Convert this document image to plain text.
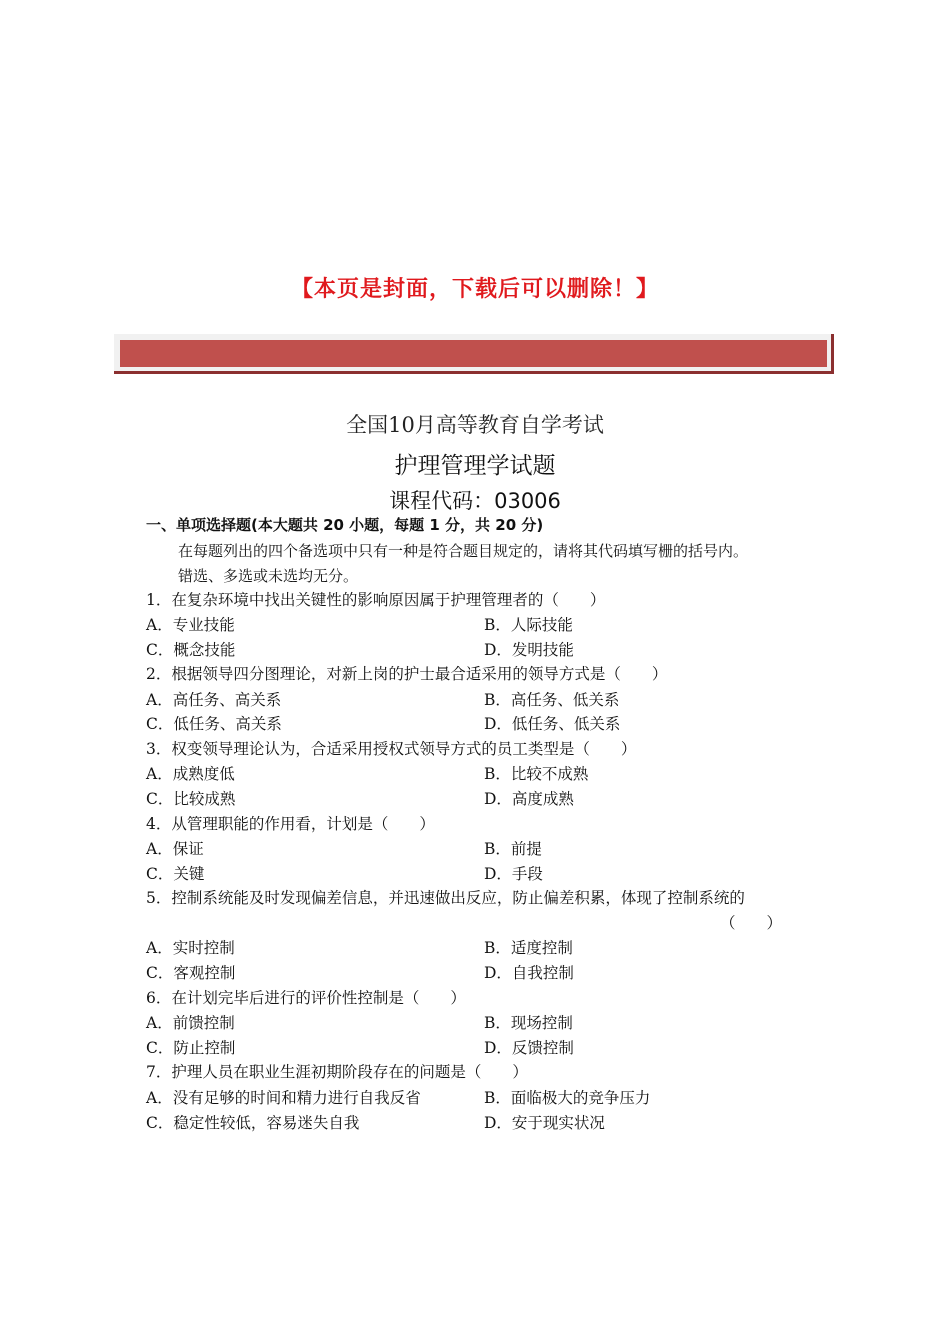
【本页是封面，下载后可以删除！】
全国10月高等教育自学考试
护理管理学试题
课程代码：03006
一、单项选择题(本大题共 20 小题，每题 1 分，共 20 分)
在每题列出的四个备选项中只有一种是符合题目规定的，请将其代码填写栅的括号内。
错选、多选或未选均无分。
1．在复杂环境中找出关键性的影响原因属于护理管理者的（　　）
A．专业技能	B．人际技能
C．概念技能	D．发明技能
2．根据领导四分图理论，对新上岗的护士最合适采用的领导方式是（　　）
A．高任务、高关系	B．高任务、低关系
C．低任务、高关系	D．低任务、低关系
3．权变领导理论认为，合适采用授权式领导方式的员工类型是（　　）
A．成熟度低	B．比较不成熟
C．比较成熟	D．高度成熟
4．从管理职能的作用看，计划是（　　）
A．保证	B．前提
C．关键	D．手段
5．控制系统能及时发现偏差信息，并迅速做出反应，防止偏差积累，体现了控制系统的
（　　）
A．实时控制	B．适度控制
C．客观控制	D．自我控制
6．在计划完毕后进行的评价性控制是（　　）
A．前馈控制	B．现场控制
C．防止控制	D．反馈控制
7．护理人员在职业生涯初期阶段存在的问题是（　　）
A．没有足够的时间和精力进行自我反省	B．面临极大的竞争压力
C．稳定性较低，容易迷失自我	D．安于现实状况
